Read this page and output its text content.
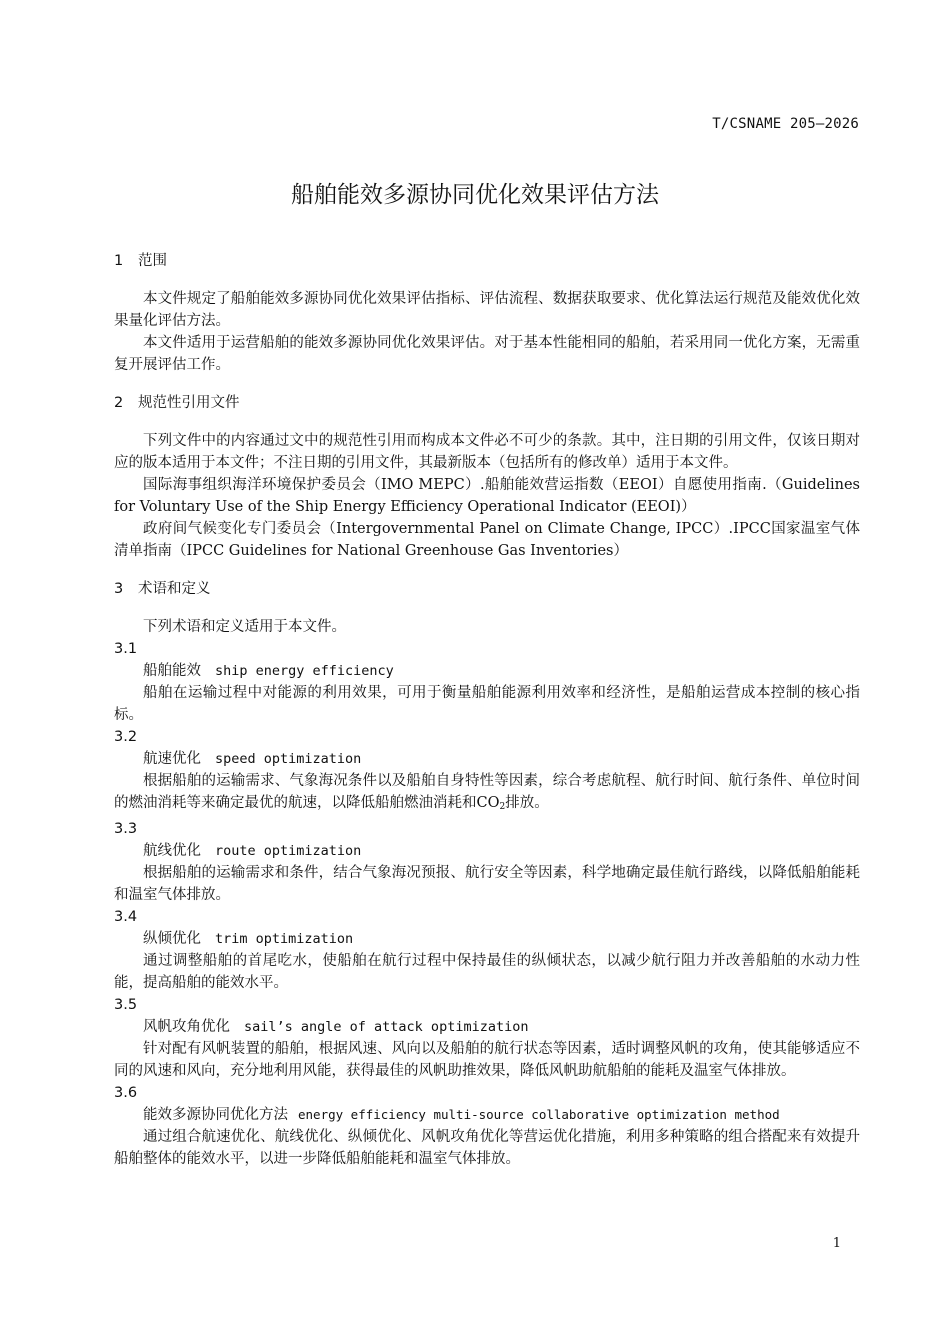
T/CSNAME 205—2026
船舶能效多源协同优化效果评估方法
1 范围

本文件规定了船舶能效多源协同优化效果评估指标、评估流程、数据获取要求、优化算法运行规范及能效优化效果量化评估方法。

本文件适用于运营船舶的能效多源协同优化效果评估。对于基本性能相同的船舶，若采用同一优化方案，无需重复开展评估工作。

2 规范性引用文件

下列文件中的内容通过文中的规范性引用而构成本文件必不可少的条款。其中，注日期的引用文件，仅该日期对应的版本适用于本文件；不注日期的引用文件，其最新版本（包括所有的修改单）适用于本文件。

国际海事组织海洋环境保护委员会（IMO MEPC）.船舶能效营运指数（EEOI）自愿使用指南.（Guidelines for Voluntary Use of the Ship Energy Efficiency Operational Indicator (EEOI)）

政府间气候变化专门委员会（Intergovernmental Panel on Climate Change, IPCC）.IPCC国家温室气体清单指南（IPCC Guidelines for National Greenhouse Gas Inventories）

3 术语和定义

下列术语和定义适用于本文件。

3.1
船舶能效 ship energy efficiency

船舶在运输过程中对能源的利用效果，可用于衡量船舶能源利用效率和经济性，是船舶运营成本控制的核心指标。

3.2
航速优化 speed optimization

根据船舶的运输需求、气象海况条件以及船舶自身特性等因素，综合考虑航程、航行时间、航行条件、单位时间的燃油消耗等来确定最优的航速，以降低船舶燃油消耗和$CO_2$排放。

3.3
航线优化 route optimization

根据船舶的运输需求和条件，结合气象海况预报、航行安全等因素，科学地确定最佳航行路线，以降低船舶能耗和温室气体排放。

3.4
纵倾优化 trim optimization

通过调整船舶的首尾吃水，使船舶在航行过程中保持最佳的纵倾状态，以减少航行阻力并改善船舶的水动力性能，提高船舶的能效水平。

3.5
风帆攻角优化 sail’s angle of attack optimization

针对配有风帆装置的船舶，根据风速、风向以及船舶的航行状态等因素，适时调整风帆的攻角，使其能够适应不同的风速和风向，充分地利用风能，获得最佳的风帆助推效果，降低风帆助航船舶的能耗及温室气体排放。

3.6
能效多源协同优化方法 energy efficiency multi-source collaborative optimization method

通过组合航速优化、航线优化、纵倾优化、风帆攻角优化等营运优化措施，利用多种策略的组合搭配来有效提升船舶整体的能效水平，以进一步降低船舶能耗和温室气体排放。

1
